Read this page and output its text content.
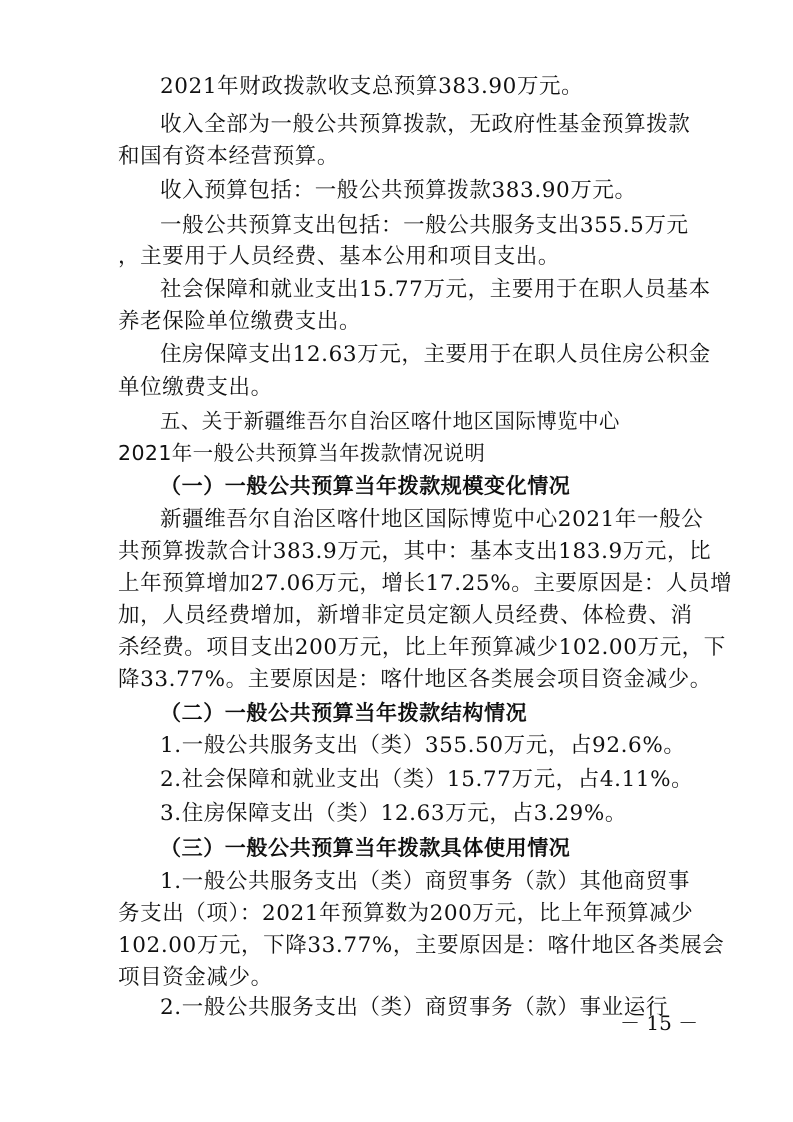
2021年财政拨款收支总预算383.90万元。
收入全部为一般公共预算拨款，无政府性基金预算拨款
和国有资本经营预算。
收入预算包括：一般公共预算拨款383.90万元。
一般公共预算支出包括：一般公共服务支出355.5万元
，主要用于人员经费、基本公用和项目支出。
社会保障和就业支出15.77万元，主要用于在职人员基本
养老保险单位缴费支出。
住房保障支出12.63万元，主要用于在职人员住房公积金
单位缴费支出。
五、关于新疆维吾尔自治区喀什地区国际博览中心
2021年一般公共预算当年拨款情况说明
（一）一般公共预算当年拨款规模变化情况
新疆维吾尔自治区喀什地区国际博览中心2021年一般公
共预算拨款合计383.9万元，其中：基本支出183.9万元，比
上年预算增加27.06万元，增长17.25%。主要原因是：人员增
加，人员经费增加，新增非定员定额人员经费、体检费、消
杀经费。项目支出200万元，比上年预算减少102.00万元，下
降33.77%。主要原因是：喀什地区各类展会项目资金减少。
（二）一般公共预算当年拨款结构情况
1.一般公共服务支出（类）355.50万元，占92.6%。
2.社会保障和就业支出（类）15.77万元，占4.11%。
3.住房保障支出（类）12.63万元，占3.29%。
（三）一般公共预算当年拨款具体使用情况
1.一般公共服务支出（类）商贸事务（款）其他商贸事
务支出（项）：2021年预算数为200万元，比上年预算减少
102.00万元，下降33.77%，主要原因是：喀什地区各类展会
项目资金减少。
2.一般公共服务支出（类）商贸事务（款）事业运行
－ 15 －
